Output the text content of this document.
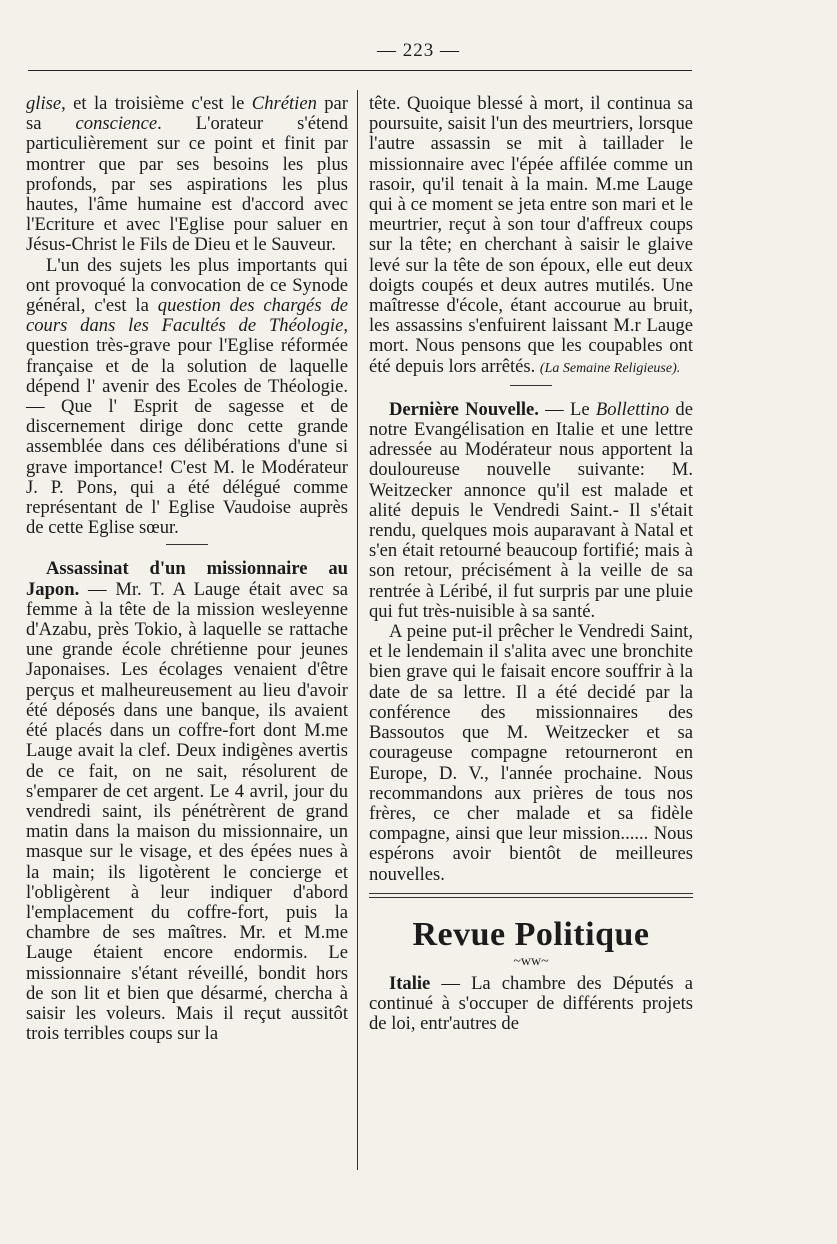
— 223 —

glise, et la troisième c'est le Chrétien par sa conscience. L'orateur s'étend particulièrement sur ce point et finit par montrer que par ses besoins les plus profonds, par ses aspirations les plus hautes, l'âme humaine est d'accord avec l'Ecriture et avec l'Eglise pour saluer en Jésus-Christ le Fils de Dieu et le Sauveur.

L'un des sujets les plus importants qui ont provoqué la convocation de ce Synode général, c'est la question des chargés de cours dans les Facultés de Théologie, question très-grave pour l'Eglise réformée française et de la solution de laquelle dépend l' avenir des Ecoles de Théologie. — Que l' Esprit de sagesse et de discernement dirige donc cette grande assemblée dans ces délibérations d'une si grave importance! C'est M. le Modérateur J. P. Pons, qui a été délégué comme représentant de l' Eglise Vaudoise auprès de cette Eglise sœur.

Assassinat d'un missionnaire au Japon. — Mr. T. A Lauge était avec sa femme à la tête de la mission wesleyenne d'Azabu, près Tokio, à laquelle se rattache une grande école chrétienne pour jeunes Japonaises. Les écolages venaient d'être perçus et malheureusement au lieu d'avoir été déposés dans une banque, ils avaient été placés dans un coffre-fort dont M.me Lauge avait la clef. Deux indigènes avertis de ce fait, on ne sait, résolurent de s'emparer de cet argent. Le 4 avril, jour du vendredi saint, ils pénétrèrent de grand matin dans la maison du missionnaire, un masque sur le visage, et des épées nues à la main; ils ligotèrent le concierge et l'obligèrent à leur indiquer d'abord l'emplacement du coffre-fort, puis la chambre de ses maîtres. Mr. et M.me Lauge étaient encore endormis. Le missionnaire s'étant réveillé, bondit hors de son lit et bien que désarmé, chercha à saisir les voleurs. Mais il reçut aussitôt trois terribles coups sur la

tête. Quoique blessé à mort, il continua sa poursuite, saisit l'un des meurtriers, lorsque l'autre assassin se mit à taillader le missionnaire avec l'épée affilée comme un rasoir, qu'il tenait à la main. M.me Lauge qui à ce moment se jeta entre son mari et le meurtrier, reçut à son tour d'affreux coups sur la tête; en cherchant à saisir le glaive levé sur la tête de son époux, elle eut deux doigts coupés et deux autres mutilés. Une maîtresse d'école, étant accourue au bruit, les assassins s'enfuirent laissant M.r Lauge mort. Nous pensons que les coupables ont été depuis lors arrêtés. (La Semaine Religieuse).

Dernière Nouvelle. — Le Bollettino de notre Evangélisation en Italie et une lettre adressée au Modérateur nous apportent la douloureuse nouvelle suivante: M. Weitzecker annonce qu'il est malade et alité depuis le Vendredi Saint.- Il s'était rendu, quelques mois auparavant à Natal et s'en était retourné beaucoup fortifié; mais à son retour, précisément à la veille de sa rentrée à Léribé, il fut surpris par une pluie qui fut très-nuisible à sa santé.

A peine put-il prêcher le Vendredi Saint, et le lendemain il s'alita avec une bronchite bien grave qui le faisait encore souffrir à la date de sa lettre. Il a été decidé par la conférence des missionnaires des Bassoutos que M. Weitzecker et sa courageuse compagne retourneront en Europe, D. V., l'année prochaine. Nous recommandons aux prières de tous nos frères, ce cher malade et sa fidèle compagne, ainsi que leur mission...... Nous espérons avoir bientôt de meilleures nouvelles.

Revue Politique
~ww~

Italie — La chambre des Députés a continué à s'occuper de différents projets de loi, entr'autres de
